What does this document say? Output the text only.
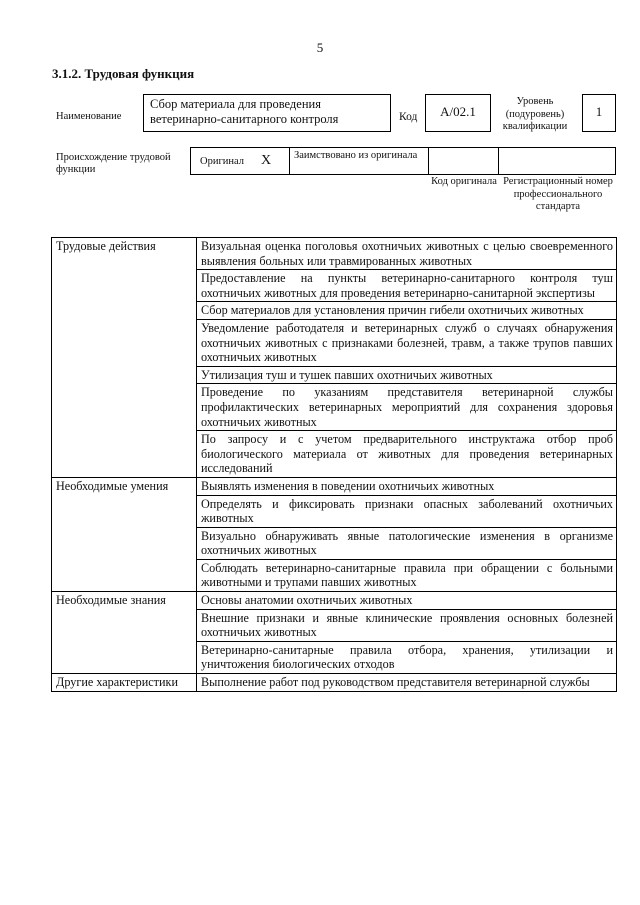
5
3.1.2. Трудовая функция
Наименование
Сбор материала для проведения ветеринарно-санитарного контроля	Код	A/02.1
Уровень (подуровень) квалификации
1
Происхождение трудовой функции
Оригинал X	Заимствовано из оригинала
Код оригинала Регистрационный номер профессионального стандарта
Трудовые действия	Визуальная оценка поголовья охотничьих животных с целью своевременного выявления больных или травмированных животных
	Предоставление на пункты ветеринарно-санитарного контроля туш охотничьих животных для проведения ветеринарно-санитарной экспертизы
	Сбор материалов для установления причин гибели охотничьих животных
	Уведомление работодателя и ветеринарных служб о случаях обнаружения охотничьих животных с признаками болезней, травм, а также трупов павших охотничьих животных
	Утилизация туш и тушек павших охотничьих животных
	Проведение по указаниям представителя ветеринарной службы профилактических ветеринарных мероприятий для сохранения здоровья охотничьих животных
	По запросу и с учетом предварительного инструктажа отбор проб биологического материала от животных для проведения ветеринарных исследований
Необходимые умения	Выявлять изменения в поведении охотничьих животных
	Определять и фиксировать признаки опасных заболеваний охотничьих животных
	Визуально обнаруживать явные патологические изменения в организме охотничьих животных
	Соблюдать ветеринарно-санитарные правила при обращении с больными животными и трупами павших животных
Необходимые знания	Основы анатомии охотничьих животных
	Внешние признаки и явные клинические проявления основных болезней охотничьих животных
	Ветеринарно-санитарные правила отбора, хранения, утилизации и уничтожения биологических отходов
Другие характеристики	Выполнение работ под руководством представителя ветеринарной службы
